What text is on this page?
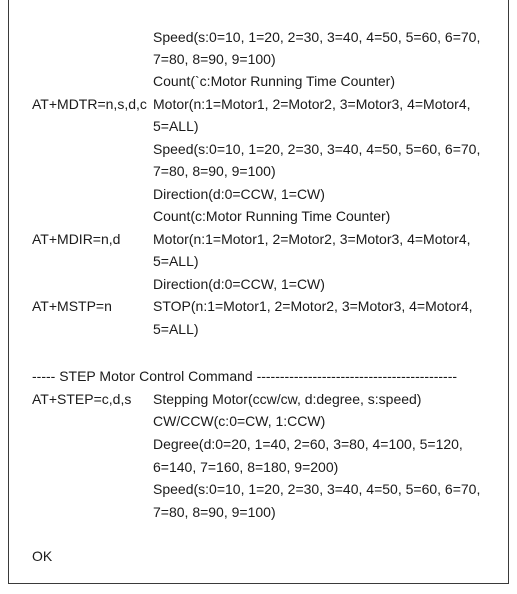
Speed(s:0=10, 1=20, 2=30, 3=40, 4=50, 5=60, 6=70,
7=80, 8=90, 9=100)
Count(`c:Motor Running Time Counter)
AT+MDTR=n,s,d,c Motor(n:1=Motor1, 2=Motor2, 3=Motor3, 4=Motor4,
5=ALL)
Speed(s:0=10, 1=20, 2=30, 3=40, 4=50, 5=60, 6=70,
7=80, 8=90, 9=100)
Direction(d:0=CCW, 1=CW)
Count(c:Motor Running Time Counter)
AT+MDIR=n,d Motor(n:1=Motor1, 2=Motor2, 3=Motor3, 4=Motor4,
5=ALL)
Direction(d:0=CCW, 1=CW)
AT+MSTP=n	STOP(n:1=Motor1, 2=Motor2, 3=Motor3, 4=Motor4,
5=ALL)
----- STEP Motor Control Command -------------------------------------------
AT+STEP=c,d,s Stepping Motor(ccw/cw, d:degree, s:speed)
CW/CCW(c:0=CW, 1:CCW)
Degree(d:0=20, 1=40, 2=60, 3=80, 4=100, 5=120,
6=140, 7=160, 8=180, 9=200)
Speed(s:0=10, 1=20, 2=30, 3=40, 4=50, 5=60, 6=70,
7=80, 8=90, 9=100)
OK
